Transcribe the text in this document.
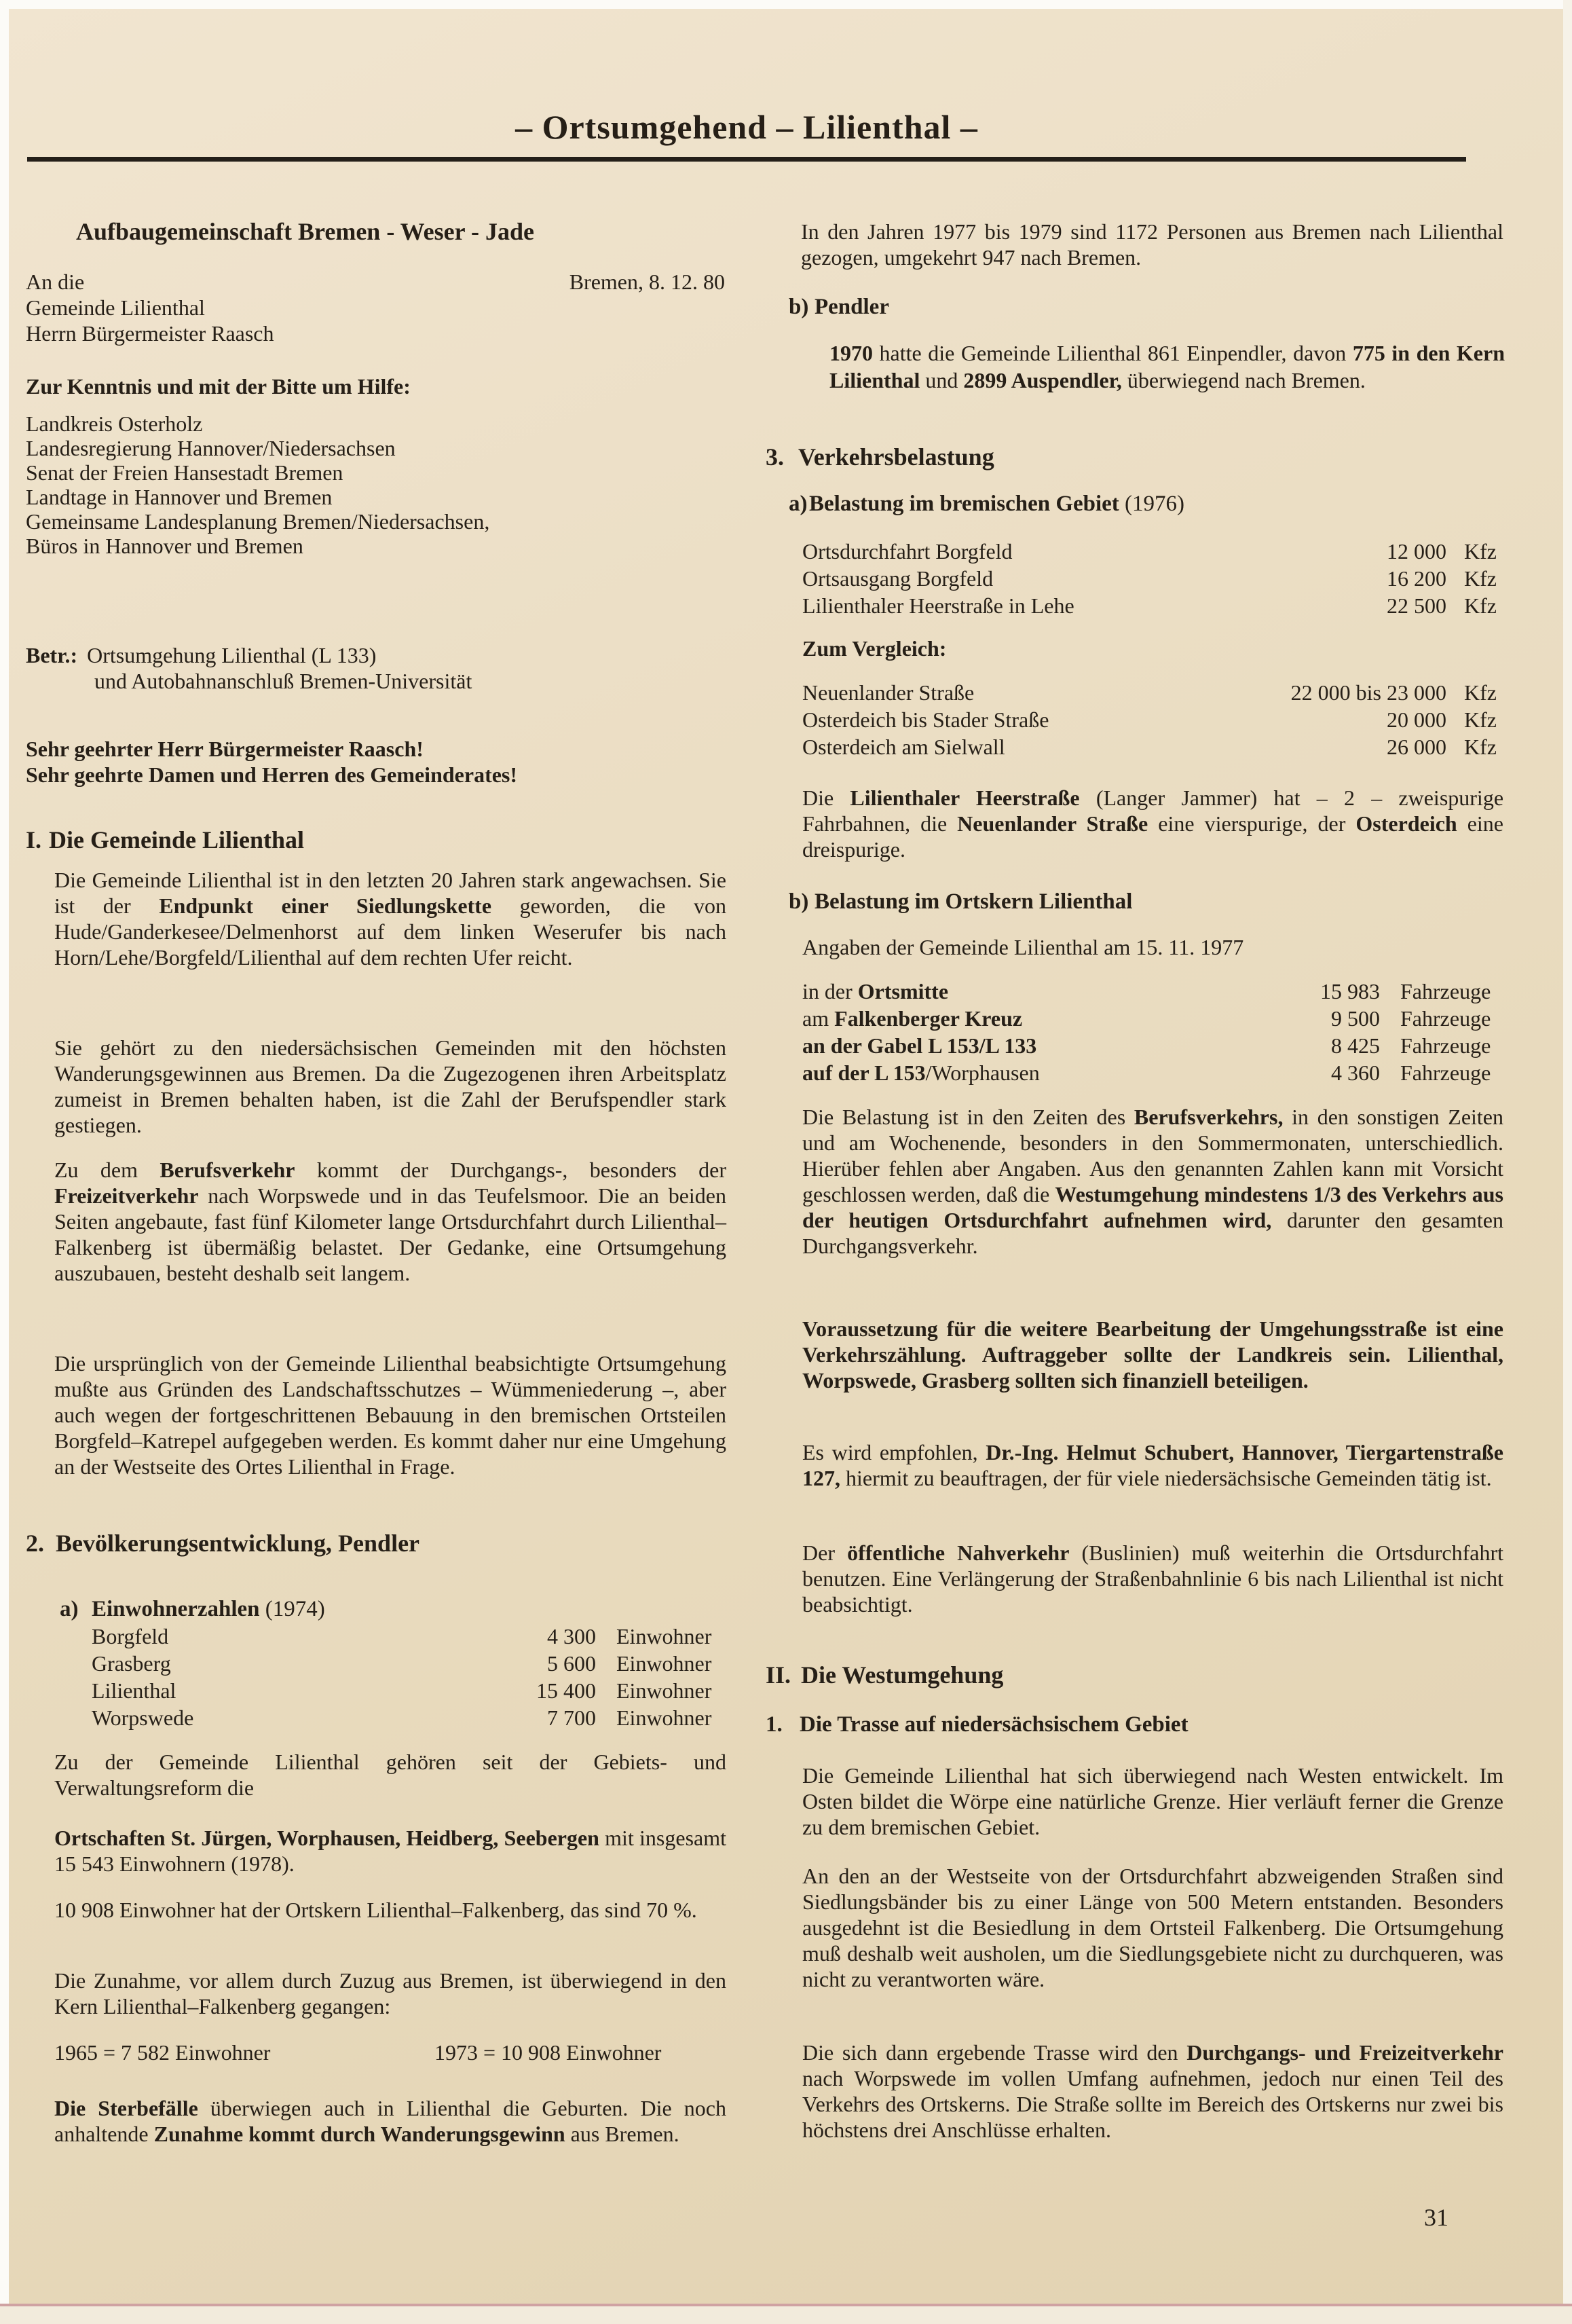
– Ortsumgehend – Lilienthal –
Aufbaugemeinschaft Bremen - Weser - Jade
An die	Bremen, 8. 12. 80
Gemeinde Lilienthal
Herrn Bürgermeister Raasch
Zur Kenntnis und mit der Bitte um Hilfe:
Landkreis Osterholz
Landesregierung Hannover/Niedersachsen
Senat der Freien Hansestadt Bremen
Landtage in Hannover und Bremen
Gemeinsame Landesplanung Bremen/Niedersachsen,
Büros in Hannover und Bremen
Betr.: Ortsumgehung Lilienthal (L 133)
und Autobahnanschluß Bremen-Universität
Sehr geehrter Herr Bürgermeister Raasch!
Sehr geehrte Damen und Herren des Gemeinderates!
I. Die Gemeinde Lilienthal
Die Gemeinde Lilienthal ist in den letzten 20 Jahren stark angewachsen. Sie ist der Endpunkt einer Siedlungskette geworden, die von Hude/Ganderkesee/Delmenhorst auf dem linken Weserufer bis nach Horn/Lehe/Borgfeld/Lilienthal auf dem rechten Ufer reicht.
Sie gehört zu den niedersächsischen Gemeinden mit den höchsten Wanderungsgewinnen aus Bremen. Da die Zugezogenen ihren Arbeitsplatz zumeist in Bremen behalten haben, ist die Zahl der Berufspendler stark gestiegen.
Zu dem Berufsverkehr kommt der Durchgangs-, besonders der Freizeitverkehr nach Worpswede und in das Teufelsmoor. Die an beiden Seiten angebaute, fast fünf Kilometer lange Ortsdurchfahrt durch Lilienthal–Falkenberg ist übermäßig belastet. Der Gedanke, eine Ortsumgehung auszubauen, besteht deshalb seit langem.
Die ursprünglich von der Gemeinde Lilienthal beabsichtigte Ortsumgehung mußte aus Gründen des Landschaftsschutzes – Wümmeniederung –, aber auch wegen der fortgeschrittenen Bebauung in den bremischen Ortsteilen Borgfeld–Katrepel aufgegeben werden. Es kommt daher nur eine Umgehung an der Westseite des Ortes Lilienthal in Frage.
2. Bevölkerungsentwicklung, Pendler
a) Einwohnerzahlen (1974)
Borgfeld	4 300 Einwohner
Grasberg	5 600 Einwohner
Lilienthal	15 400 Einwohner
Worpswede	7 700 Einwohner
Zu der Gemeinde Lilienthal gehören seit der Gebiets- und Verwaltungsreform die
Ortschaften St. Jürgen, Worphausen, Heidberg, Seebergen mit insgesamt 15 543 Einwohnern (1978).
10 908 Einwohner hat der Ortskern Lilienthal–Falkenberg, das sind 70 %.
Die Zunahme, vor allem durch Zuzug aus Bremen, ist überwiegend in den Kern Lilienthal–Falkenberg gegangen:
1965 = 7 582 Einwohner	1973 = 10 908 Einwohner
Die Sterbefälle überwiegen auch in Lilienthal die Geburten. Die noch anhaltende Zunahme kommt durch Wanderungsgewinn aus Bremen.
In den Jahren 1977 bis 1979 sind 1172 Personen aus Bremen nach Lilienthal gezogen, umgekehrt 947 nach Bremen.
b) Pendler
1970 hatte die Gemeinde Lilienthal 861 Einpendler, davon 775 in den Kern Lilienthal und 2899 Auspendler, überwiegend nach Bremen.
3. Verkehrsbelastung
a)Belastung im bremischen Gebiet (1976)
Ortsdurchfahrt Borgfeld	12 000 Kfz
Ortsausgang Borgfeld	16 200 Kfz
Lilienthaler Heerstraße in Lehe	22 500 Kfz
Zum Vergleich:
Neuenlander Straße	22 000 bis 23 000 Kfz
Osterdeich bis Stader Straße	20 000 Kfz
Osterdeich am Sielwall	26 000 Kfz
Die Lilienthaler Heerstraße (Langer Jammer) hat – 2 – zweispurige Fahrbahnen, die Neuenlander Straße eine vierspurige, der Osterdeich eine dreispurige.
b) Belastung im Ortskern Lilienthal
Angaben der Gemeinde Lilienthal am 15. 11. 1977
in der Ortsmitte	15 983 Fahrzeuge
am Falkenberger Kreuz	9 500 Fahrzeuge
an der Gabel L 153/L 133	8 425 Fahrzeuge
auf der L 153/Worphausen	4 360 Fahrzeuge
Die Belastung ist in den Zeiten des Berufsverkehrs, in den sonstigen Zeiten und am Wochenende, besonders in den Sommermonaten, unterschiedlich. Hierüber fehlen aber Angaben. Aus den genannten Zahlen kann mit Vorsicht geschlossen werden, daß die Westumgehung mindestens 1/3 des Verkehrs aus der heutigen Ortsdurchfahrt aufnehmen wird, darunter den gesamten Durchgangsverkehr.
Voraussetzung für die weitere Bearbeitung der Umgehungsstraße ist eine Verkehrszählung. Auftraggeber sollte der Landkreis sein. Lilienthal, Worpswede, Grasberg sollten sich finanziell beteiligen.
Es wird empfohlen, Dr.-Ing. Helmut Schubert, Hannover, Tiergartenstraße 127, hiermit zu beauftragen, der für viele niedersächsische Gemeinden tätig ist.
Der öffentliche Nahverkehr (Buslinien) muß weiterhin die Ortsdurchfahrt benutzen. Eine Verlängerung der Straßenbahnlinie 6 bis nach Lilienthal ist nicht beabsichtigt.
II. Die Westumgehung
1. Die Trasse auf niedersächsischem Gebiet
Die Gemeinde Lilienthal hat sich überwiegend nach Westen entwickelt. Im Osten bildet die Wörpe eine natürliche Grenze. Hier verläuft ferner die Grenze zu dem bremischen Gebiet.
An den an der Westseite von der Ortsdurchfahrt abzweigenden Straßen sind Siedlungsbänder bis zu einer Länge von 500 Metern entstanden. Besonders ausgedehnt ist die Besiedlung in dem Ortsteil Falkenberg. Die Ortsumgehung muß deshalb weit ausholen, um die Siedlungsgebiete nicht zu durchqueren, was nicht zu verantworten wäre.
Die sich dann ergebende Trasse wird den Durchgangs- und Freizeitverkehr nach Worpswede im vollen Umfang aufnehmen, jedoch nur einen Teil des Verkehrs des Ortskerns. Die Straße sollte im Bereich des Ortskerns nur zwei bis höchstens drei Anschlüsse erhalten.
31
